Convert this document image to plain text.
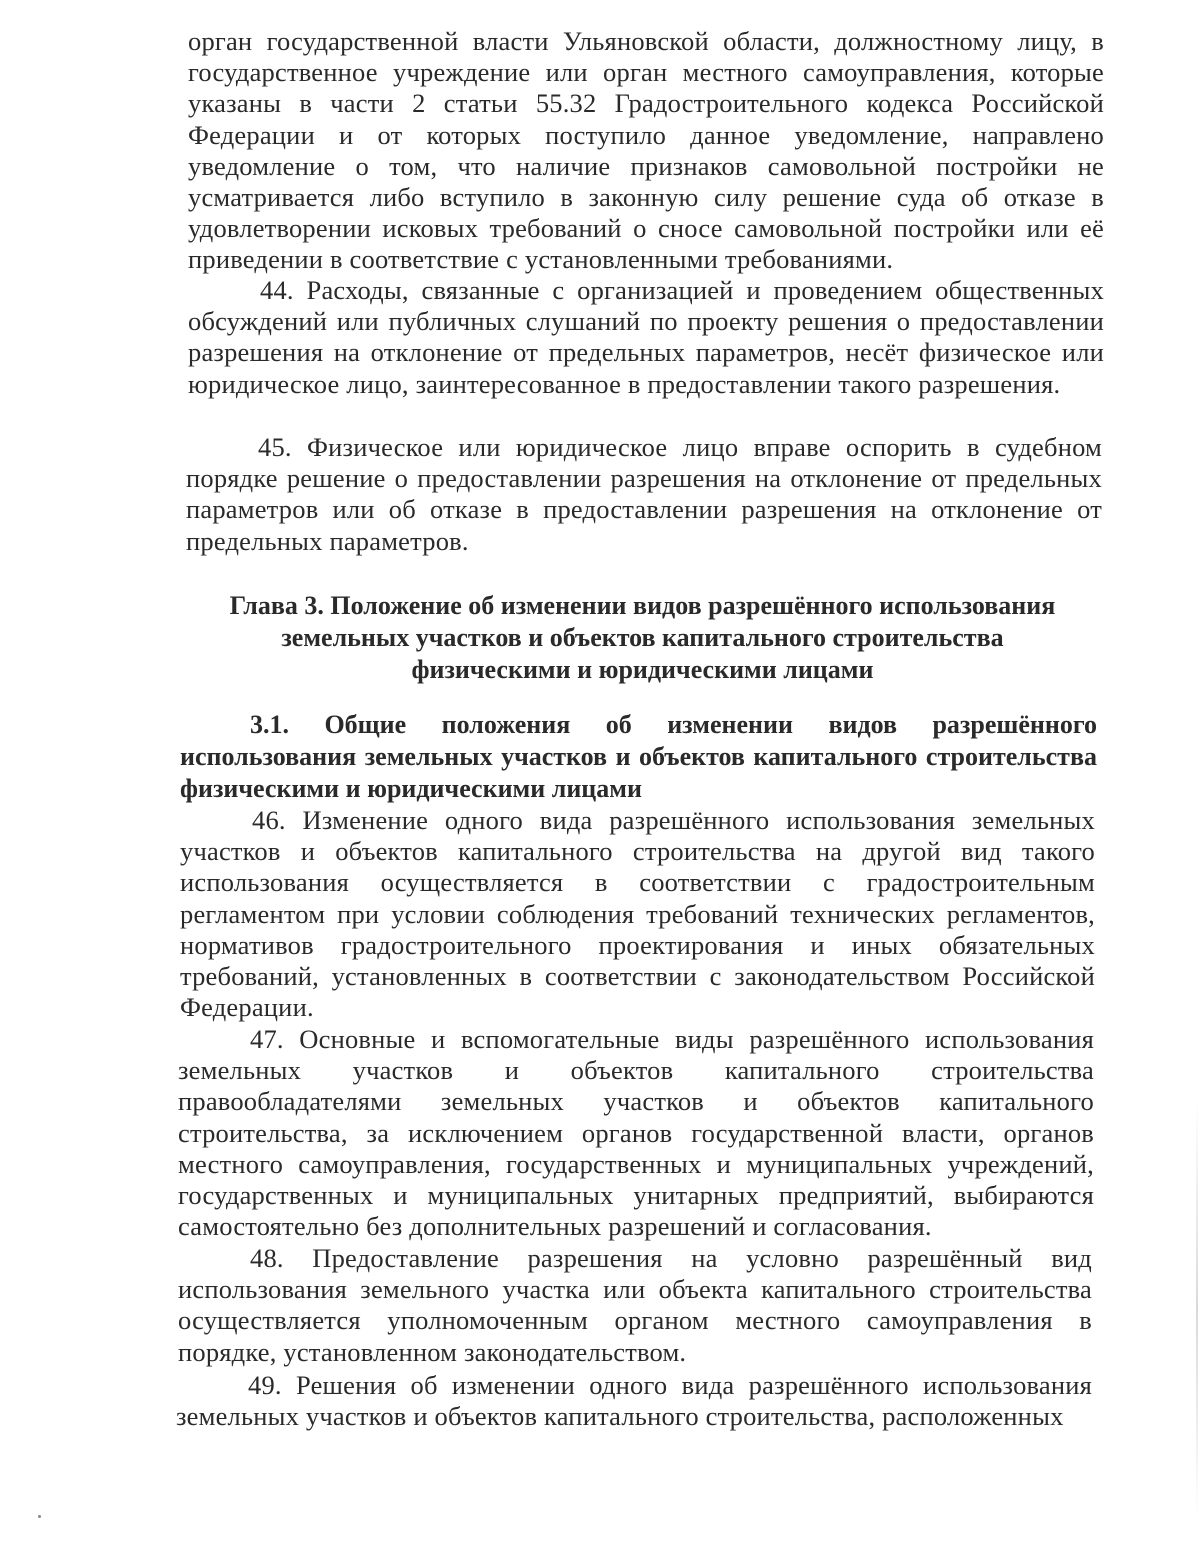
орган государственной власти Ульяновской области, должностному лицу, в государственное учреждение или орган местного самоуправления, которые указаны в части 2 статьи 55.32 Градостроительного кодекса Российской Федерации и от которых поступило данное уведомление, направлено уведомление о том, что наличие признаков самовольной постройки не усматривается либо вступило в законную силу решение суда об отказе в удовлетворении исковых требований о сносе самовольной постройки или её приведении в соответствие с установленными требованиями.

44. Расходы, связанные с организацией и проведением общественных обсуждений или публичных слушаний по проекту решения о предоставлении разрешения на отклонение от предельных параметров, несёт физическое или юридическое лицо, заинтересованное в предоставлении такого разрешения.

45. Физическое или юридическое лицо вправе оспорить в судебном порядке решение о предоставлении разрешения на отклонение от предельных параметров или об отказе в предоставлении разрешения на отклонение от предельных параметров.

Глава 3. Положение об изменении видов разрешённого использования
земельных участков и объектов капитального строительства
физическими и юридическими лицами

3.1. Общие положения об изменении видов разрешённого использования земельных участков и объектов капитального строительства физическими и юридическими лицами

46. Изменение одного вида разрешённого использования земельных участков и объектов капитального строительства на другой вид такого использования осуществляется в соответствии с градостроительным регламентом при условии соблюдения требований технических регламентов, нормативов градостроительного проектирования и иных обязательных требований, установленных в соответствии с законодательством Российской Федерации.

47. Основные и вспомогательные виды разрешённого использования земельных участков и объектов капитального строительства правообладателями земельных участков и объектов капитального строительства, за исключением органов государственной власти, органов местного самоуправления, государственных и муниципальных учреждений, государственных и муниципальных унитарных предприятий, выбираются самостоятельно без дополнительных разрешений и согласования.

48. Предоставление разрешения на условно разрешённый вид использования земельного участка или объекта капитального строительства осуществляется уполномоченным органом местного самоуправления в порядке, установленном законодательством.

49. Решения об изменении одного вида разрешённого использования земельных участков и объектов капитального строительства, расположенных
